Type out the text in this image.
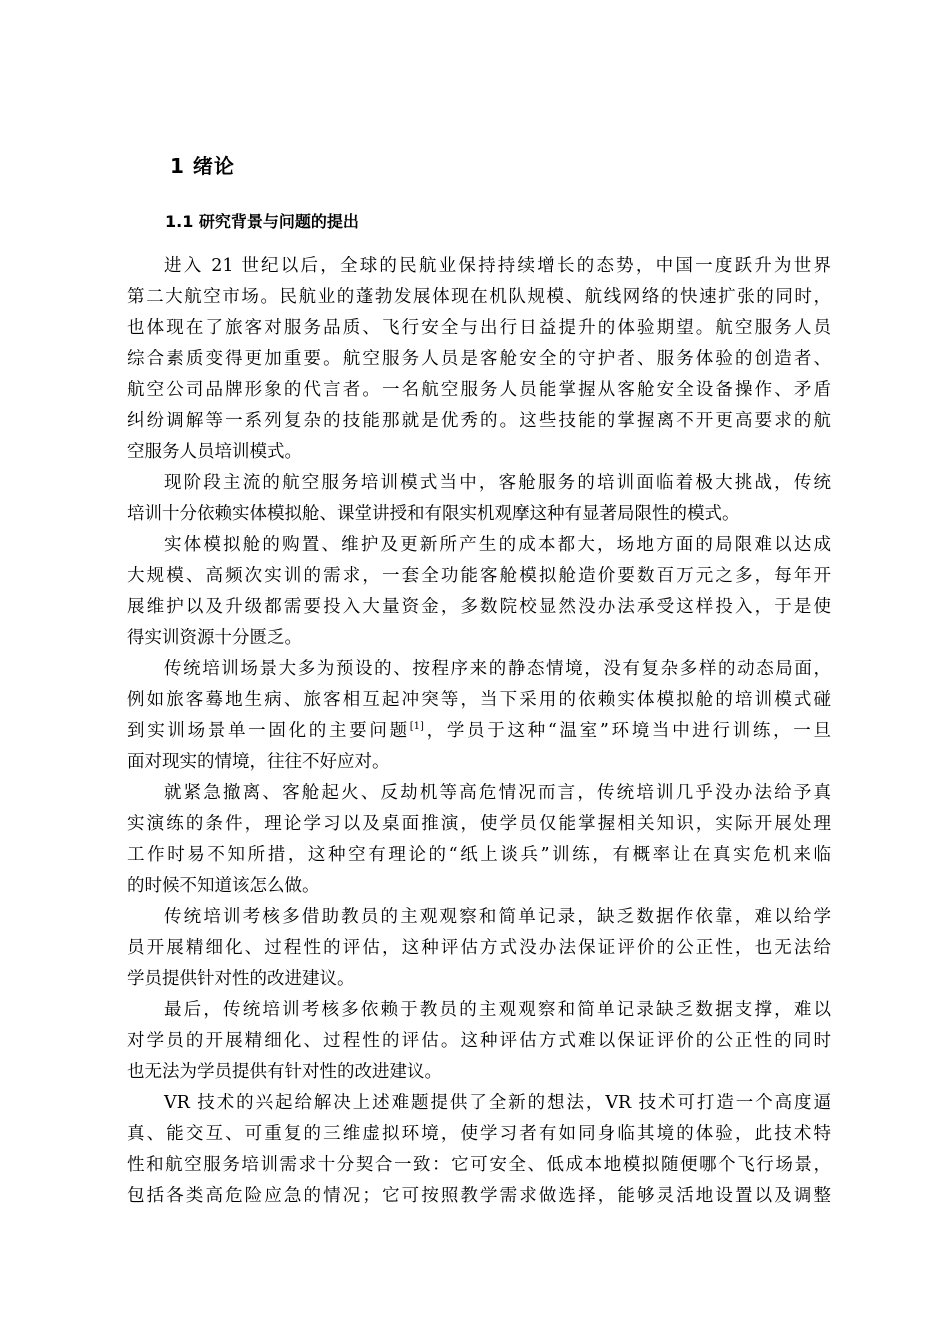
1 绪论
1.1 研究背景与问题的提出
进入 21 世纪以后，全球的民航业保持持续增长的态势，中国一度跃升为世界
第二大航空市场。民航业的蓬勃发展体现在机队规模、航线网络的快速扩张的同时，
也体现在了旅客对服务品质、飞行安全与出行日益提升的体验期望。航空服务人员
综合素质变得更加重要。航空服务人员是客舱安全的守护者、服务体验的创造者、
航空公司品牌形象的代言者。一名航空服务人员能掌握从客舱安全设备操作、矛盾
纠纷调解等一系列复杂的技能那就是优秀的。这些技能的掌握离不开更高要求的航
空服务人员培训模式。
现阶段主流的航空服务培训模式当中，客舱服务的培训面临着极大挑战，传统
培训十分依赖实体模拟舱、课堂讲授和有限实机观摩这种有显著局限性的模式。
实体模拟舱的购置、维护及更新所产生的成本都大，场地方面的局限难以达成
大规模、高频次实训的需求，一套全功能客舱模拟舱造价要数百万元之多，每年开
展维护以及升级都需要投入大量资金，多数院校显然没办法承受这样投入，于是使
得实训资源十分匮乏。
传统培训场景大多为预设的、按程序来的静态情境，没有复杂多样的动态局面，
例如旅客蓦地生病、旅客相互起冲突等，当下采用的依赖实体模拟舱的培训模式碰
到实训场景单一固化的主要问题[1]，学员于这种“温室”环境当中进行训练，一旦
面对现实的情境，往往不好应对。
就紧急撤离、客舱起火、反劫机等高危情况而言，传统培训几乎没办法给予真
实演练的条件，理论学习以及桌面推演，使学员仅能掌握相关知识，实际开展处理
工作时易不知所措，这种空有理论的“纸上谈兵”训练，有概率让在真实危机来临
的时候不知道该怎么做。
传统培训考核多借助教员的主观观察和简单记录，缺乏数据作依靠，难以给学
员开展精细化、过程性的评估，这种评估方式没办法保证评价的公正性，也无法给
学员提供针对性的改进建议。
最后，传统培训考核多依赖于教员的主观观察和简单记录缺乏数据支撑，难以
对学员的开展精细化、过程性的评估。这种评估方式难以保证评价的公正性的同时
也无法为学员提供有针对性的改进建议。
VR 技术的兴起给解决上述难题提供了全新的想法，VR 技术可打造一个高度逼
真、能交互、可重复的三维虚拟环境，使学习者有如同身临其境的体验，此技术特
性和航空服务培训需求十分契合一致：它可安全、低成本地模拟随便哪个飞行场景，
包括各类高危险应急的情况；它可按照教学需求做选择，能够灵活地设置以及调整
